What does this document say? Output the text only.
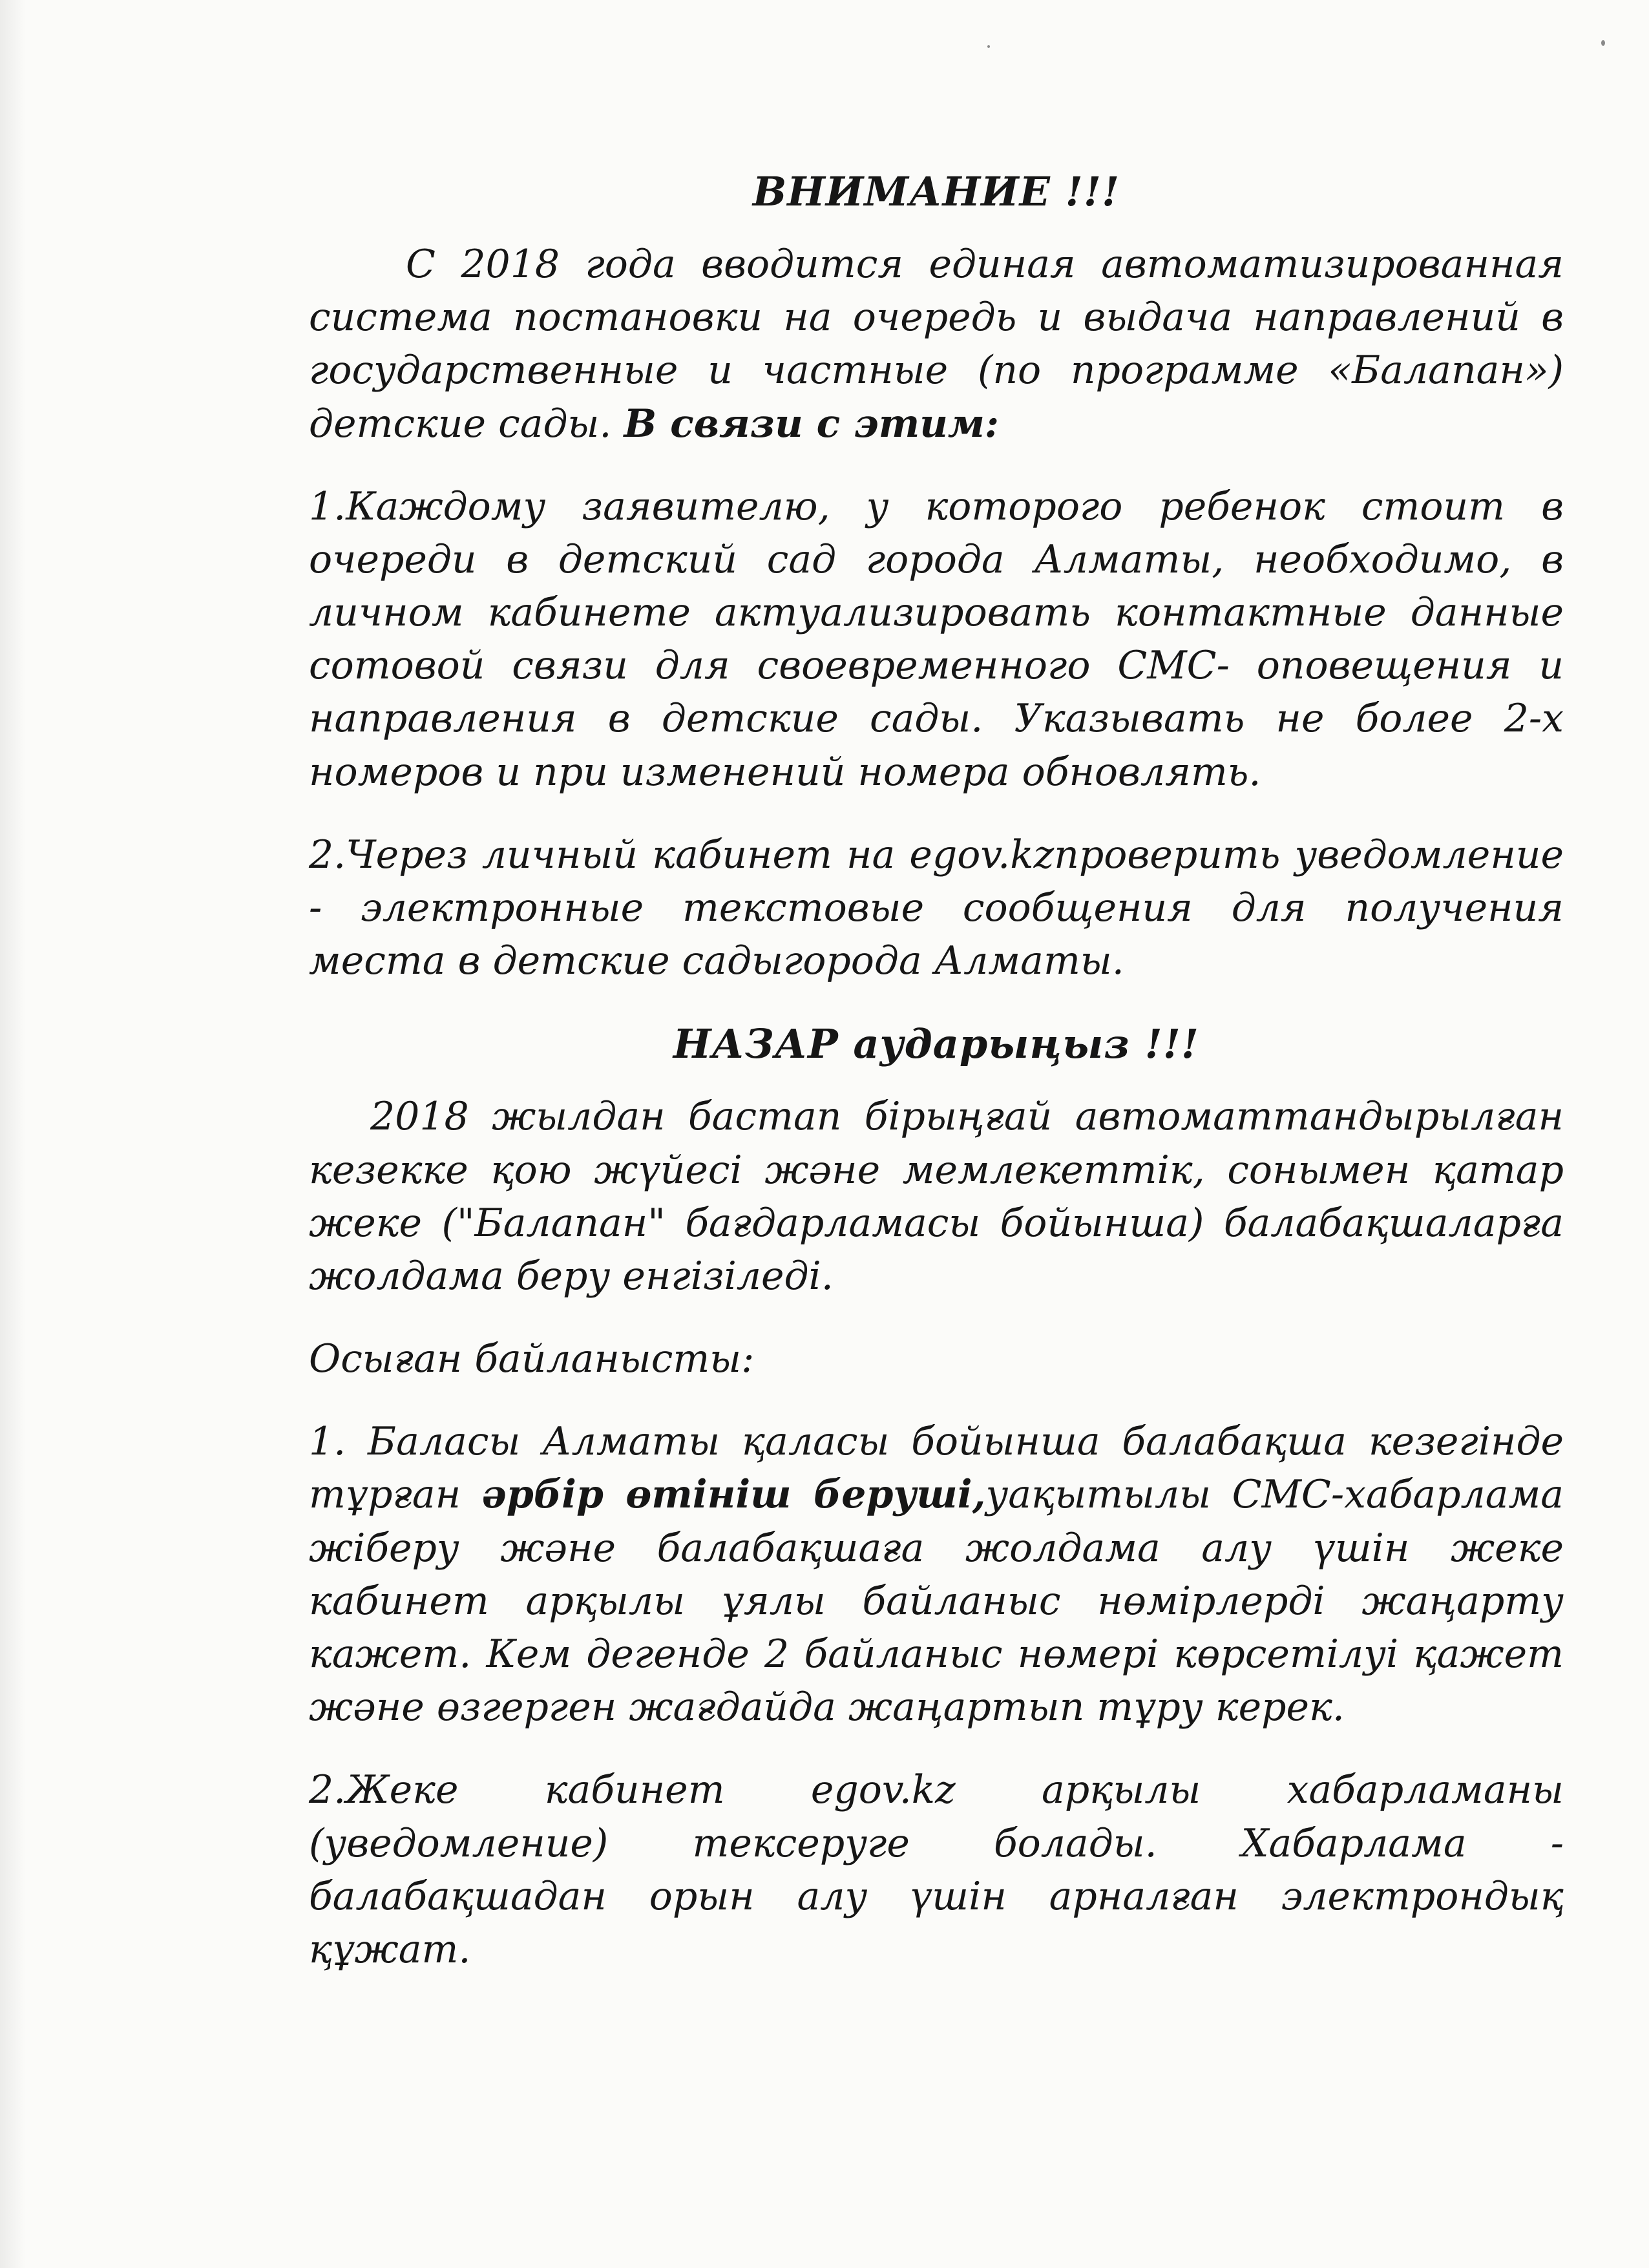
ВНИМАНИЕ !!!

С 2018 года вводится единая автоматизированная система постановки на очередь и выдача направлений в государственные и частные (по программе «Балапан») детские сады. В связи с этим:

1.Каждому заявителю, у которого ребенок стоит в очереди в детский сад города Алматы, необходимо, в личном кабинете актуализировать контактные данные сотовой связи для своевременного СМС- оповещения и направления в детские сады. Указывать не более 2-х номеров и при изменений номера обновлять.

2.Через личный кабинет на egov.kzпроверить уведомление - электронные текстовые сообщения для получения места в детские садыгорода Алматы.

НАЗАР аударыңыз !!!

2018 жылдан бастап бірыңғай автоматтандырылған кезекке қою жүйесі және мемлекеттік, сонымен қатар жеке ("Балапан" бағдарламасы бойынша) балабақшаларға жолдама беру енгізіледі.

Осыған байланысты:

1. Баласы Алматы қаласы бойынша балабақша кезегінде тұрған әрбір өтініш беруші,уақытылы СМС-хабарлама жіберу және балабақшаға жолдама алу үшін жеке кабинет арқылы ұялы байланыс нөмірлерді жаңарту кажет. Кем дегенде 2 байланыс нөмері көрсетілуі қажет және өзгерген жағдайда жаңартып тұру керек.

2.Жеке кабинет egov.kz арқылы хабарламаны (уведомление) тексеруге болады. Хабарлама - балабақшадан орын алу үшін арналған электрондық құжат.
